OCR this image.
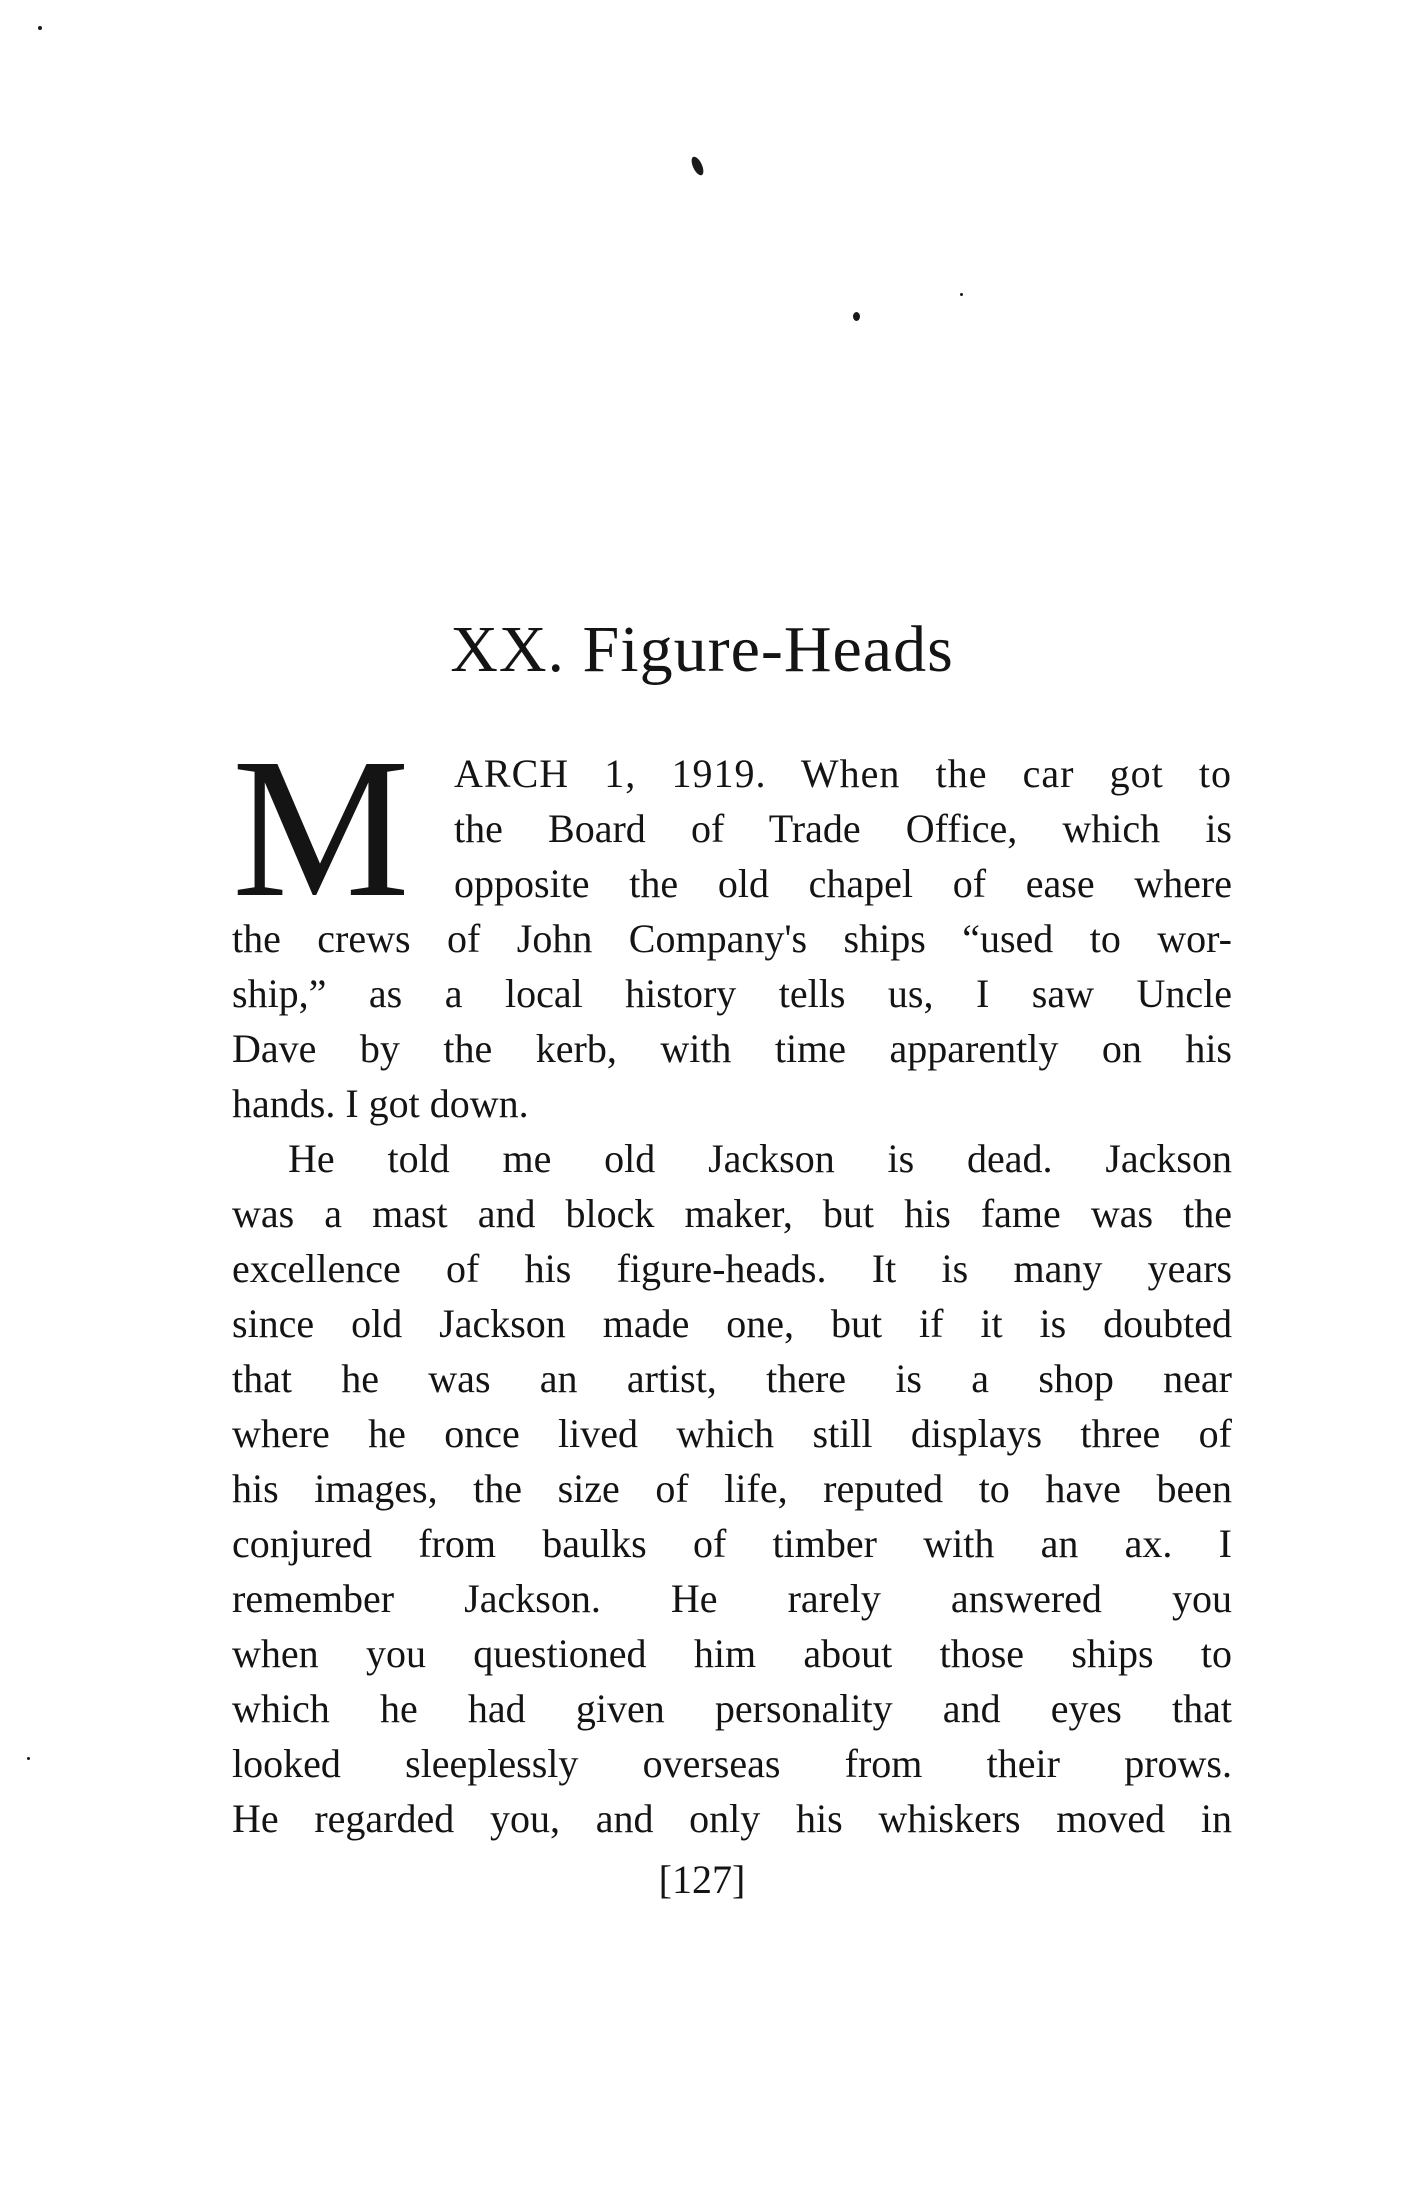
XX. Figure-Heads
M	ARCH 1, 1919. When the car got to
the Board of Trade Office, which is
opposite the old chapel of ease where
the crews of John Company's ships “used to wor-
ship,” as a local history tells us, I saw Uncle
Dave by the kerb, with time apparently on his
hands. I got down.
He told me old Jackson is dead. Jackson
was a mast and block maker, but his fame was the
excellence of his figure-heads. It is many years
since old Jackson made one, but if it is doubted
that he was an artist, there is a shop near
where he once lived which still displays three of
his images, the size of life, reputed to have been
conjured from baulks of timber with an ax. I
remember Jackson. He rarely answered you
when you questioned him about those ships to
which he had given personality and eyes that
looked sleeplessly overseas from their prows.
He regarded you, and only his whiskers moved in
[127]
